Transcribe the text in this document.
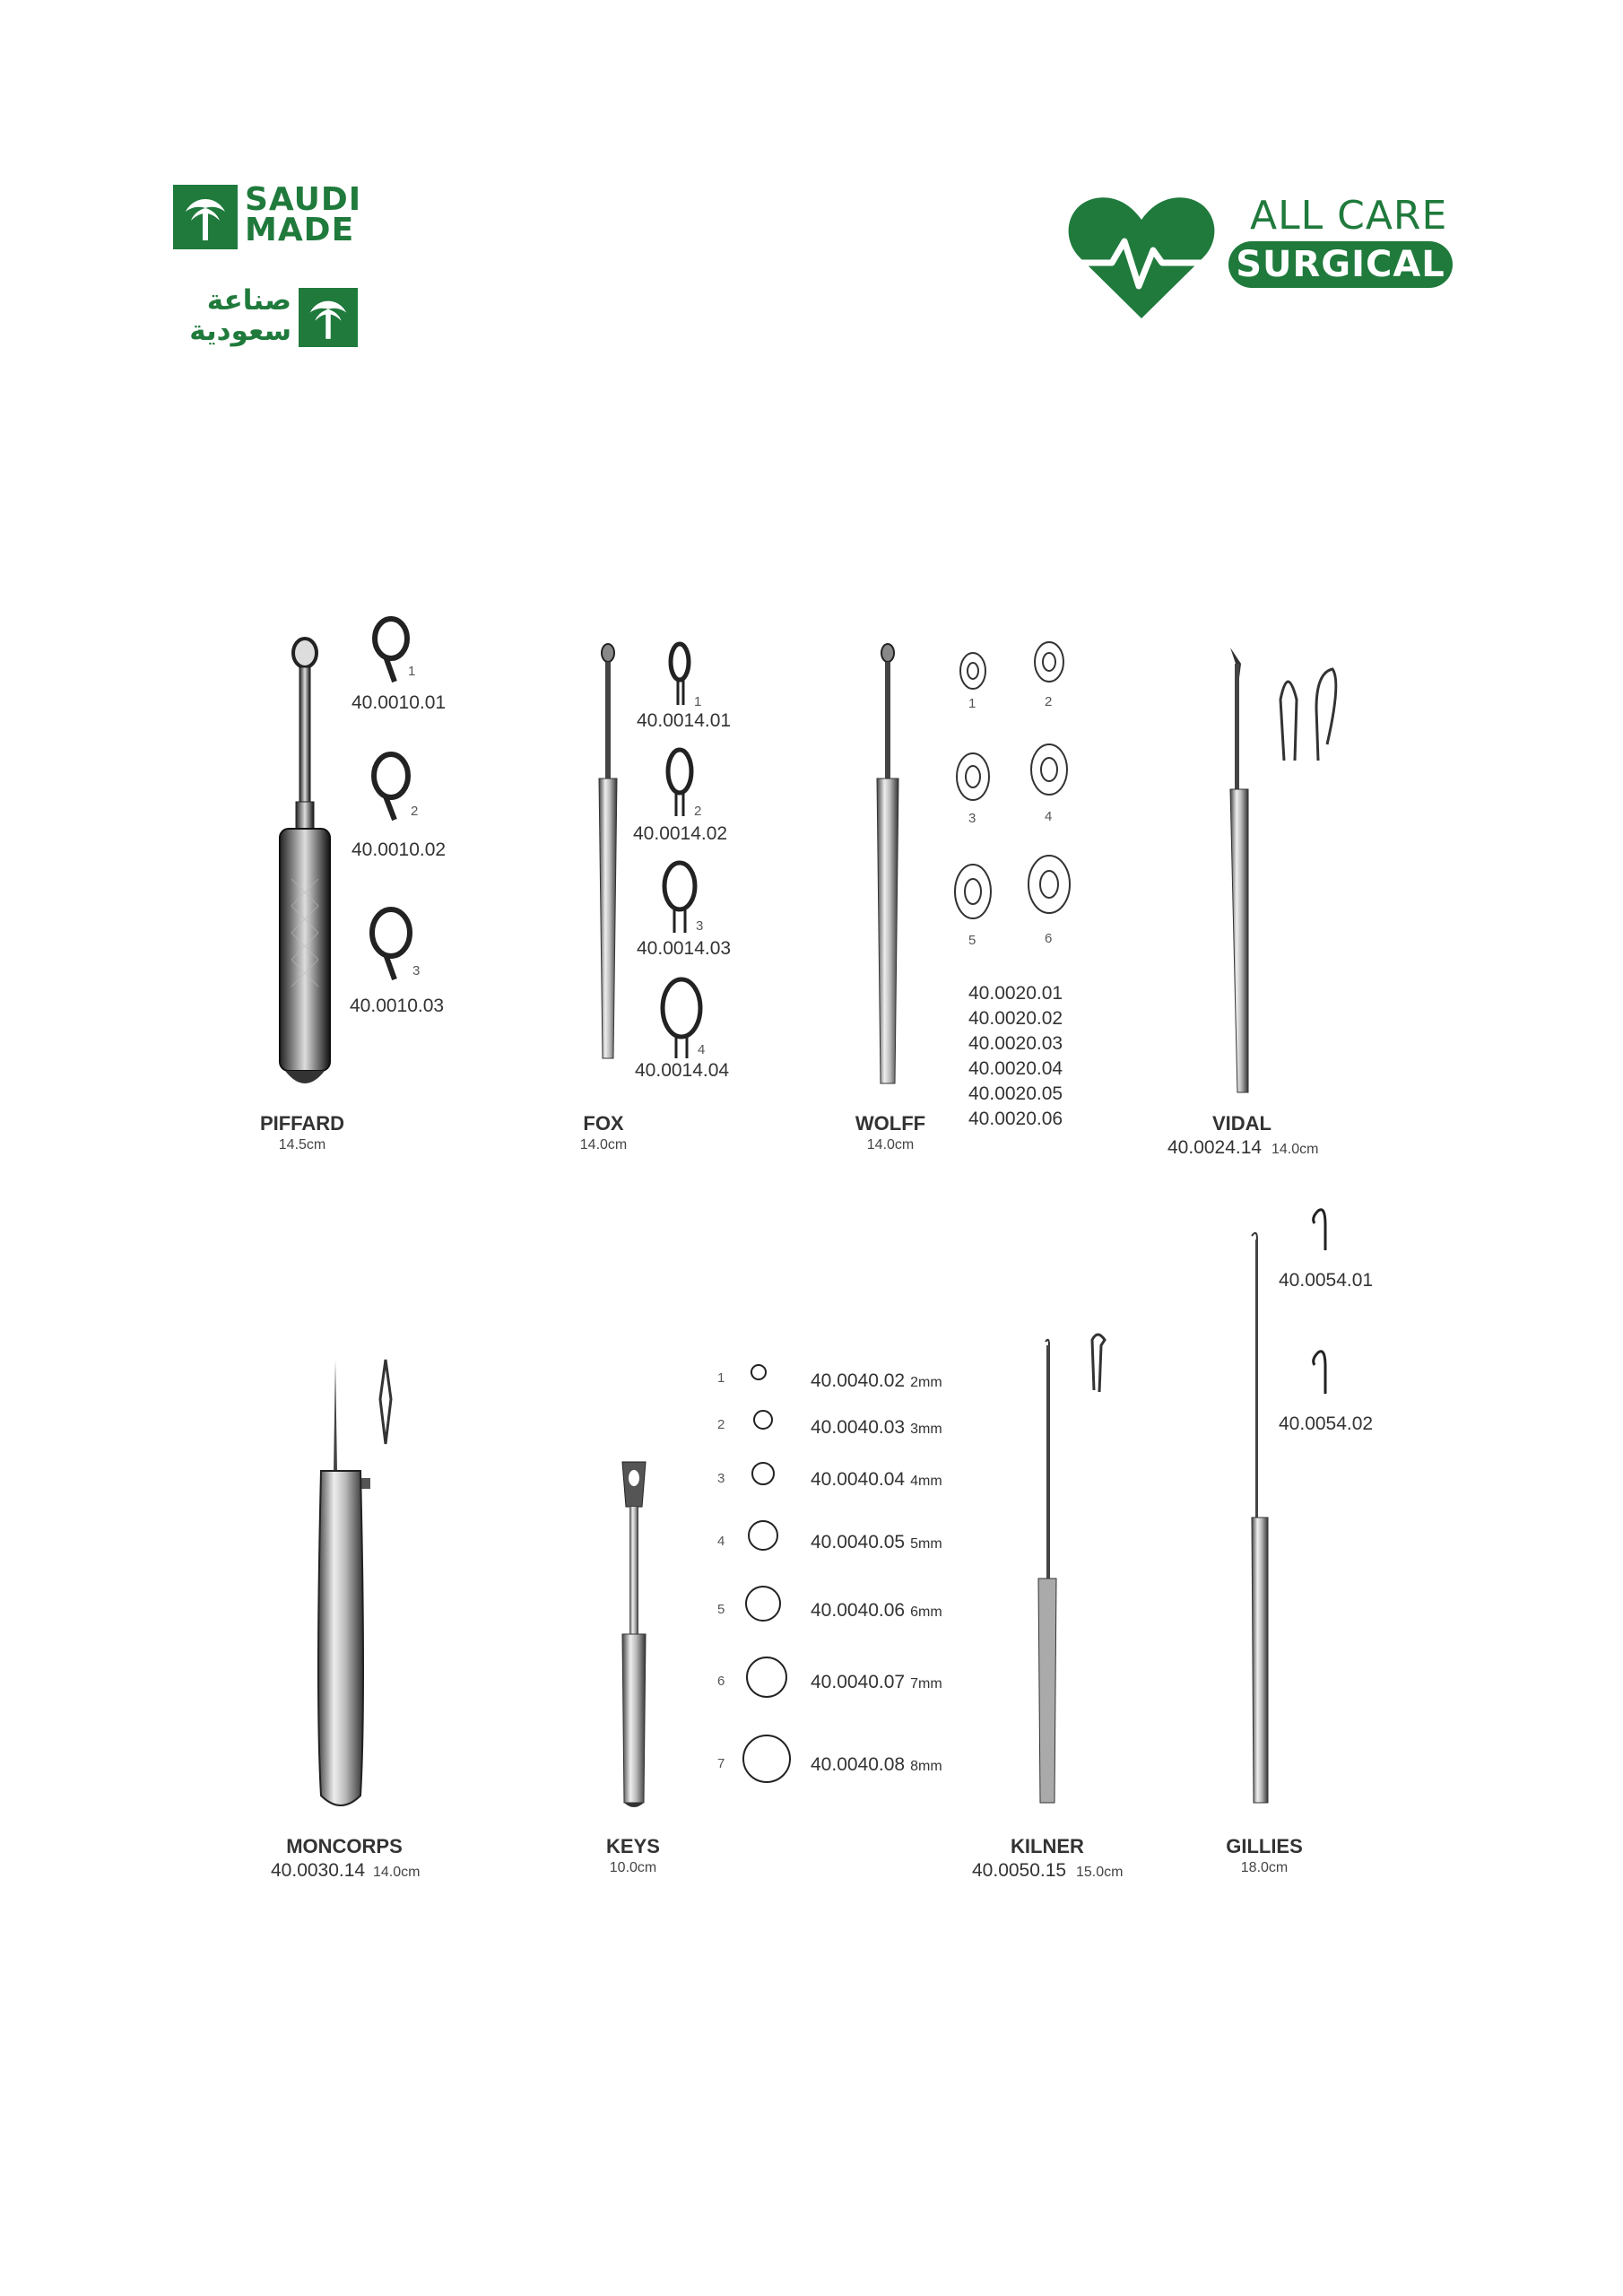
SAUDI
MADE
صناعة
سعودية
ALL CARE
SURGICAL
1
40.0010.01
2
40.0010.02
3
40.0010.03
PIFFARD
14.5cm
1
40.0014.01
2
40.0014.02
3
40.0014.03
4
40.0014.04
FOX
14.0cm
1	2
3	4
5	6
40.0020.01
40.0020.02
40.0020.03
40.0020.04
40.0020.05
40.0020.06
WOLFF
14.0cm
VIDAL
40.0024.14 14.0cm
MONCORPS
40.0030.14 14.0cm
1	40.0040.02 2mm
2	40.0040.03 3mm
3	40.0040.04 4mm
4	40.0040.05 5mm
5	40.0040.06 6mm
6	40.0040.07 7mm
7	40.0040.08 8mm
KEYS
10.0cm
KILNER
40.0050.15 15.0cm
40.0054.01
40.0054.02
GILLIES
18.0cm
